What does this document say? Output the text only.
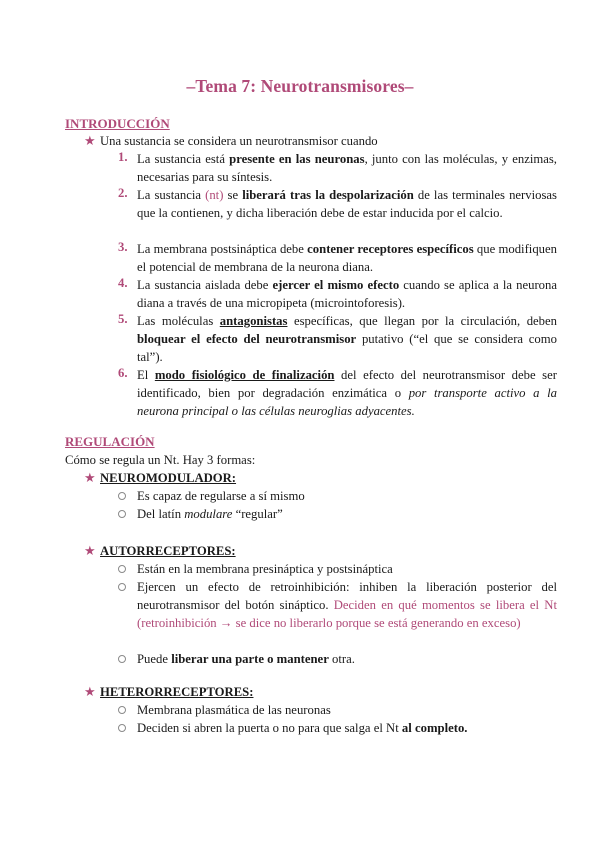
–Tema 7: Neurotransmisores–
INTRODUCCIÓN
★ Una sustancia se considera un neurotransmisor cuando
1. La sustancia está presente en las neuronas, junto con las moléculas, y enzimas, necesarias para su síntesis.
2. La sustancia (nt) se liberará tras la despolarización de las terminales nerviosas que la contienen, y dicha liberación debe de estar inducida por el calcio.
3. La membrana postsináptica debe contener receptores específicos que modifiquen el potencial de membrana de la neurona diana.
4. La sustancia aislada debe ejercer el mismo efecto cuando se aplica a la neurona diana a través de una micropipeta (microintoforesis).
5. Las moléculas antagonistas específicas, que llegan por la circulación, deben bloquear el efecto del neurotransmisor putativo (“el que se considera como tal”).
6. El modo fisiológico de finalización del efecto del neurotransmisor debe ser identificado, bien por degradación enzimática o por transporte activo a la neurona principal o las células neuroglias adyacentes.
REGULACIÓN
Cómo se regula un Nt. Hay 3 formas:
★ NEUROMODULADOR:
Es capaz de regularse a sí mismo
Del latín modulare “regular”
★ AUTORRECEPTORES:
Están en la membrana presináptica y postsináptica
Ejercen un efecto de retroinhibición: inhiben la liberación posterior del neurotransmisor del botón sináptico. Deciden en qué momentos se libera el Nt (retroinhibición → se dice no liberarlo porque se está generando en exceso)
Puede liberar una parte o mantener otra.
★ HETERORRECEPTORES:
Membrana plasmática de las neuronas
Deciden si abren la puerta o no para que salga el Nt al completo.
